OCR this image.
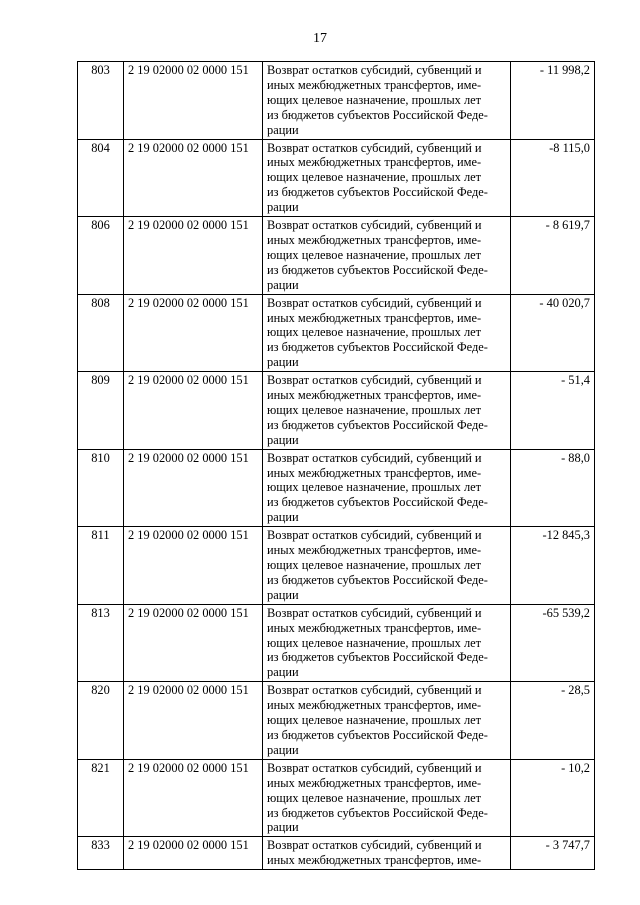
17
803	2 19 02000 02 0000 151	Возврат остатков субсидий, субвенций и
иных межбюджетных трансфертов, име-
ющих целевое назначение, прошлых лет
из бюджетов субъектов Российской Феде-
рации	- 11 998,2
804	2 19 02000 02 0000 151	Возврат остатков субсидий, субвенций и
иных межбюджетных трансфертов, име-
ющих целевое назначение, прошлых лет
из бюджетов субъектов Российской Феде-
рации	-8 115,0
806	2 19 02000 02 0000 151	Возврат остатков субсидий, субвенций и
иных межбюджетных трансфертов, име-
ющих целевое назначение, прошлых лет
из бюджетов субъектов Российской Феде-
рации	- 8 619,7
808	2 19 02000 02 0000 151	Возврат остатков субсидий, субвенций и
иных межбюджетных трансфертов, име-
ющих целевое назначение, прошлых лет
из бюджетов субъектов Российской Феде-
рации	- 40 020,7
809	2 19 02000 02 0000 151	Возврат остатков субсидий, субвенций и
иных межбюджетных трансфертов, име-
ющих целевое назначение, прошлых лет
из бюджетов субъектов Российской Феде-
рации	- 51,4
810	2 19 02000 02 0000 151	Возврат остатков субсидий, субвенций и
иных межбюджетных трансфертов, име-
ющих целевое назначение, прошлых лет
из бюджетов субъектов Российской Феде-
рации	- 88,0
811	2 19 02000 02 0000 151	Возврат остатков субсидий, субвенций и
иных межбюджетных трансфертов, име-
ющих целевое назначение, прошлых лет
из бюджетов субъектов Российской Феде-
рации	-12 845,3
813	2 19 02000 02 0000 151	Возврат остатков субсидий, субвенций и
иных межбюджетных трансфертов, име-
ющих целевое назначение, прошлых лет
из бюджетов субъектов Российской Феде-
рации	-65 539,2
820	2 19 02000 02 0000 151	Возврат остатков субсидий, субвенций и
иных межбюджетных трансфертов, име-
ющих целевое назначение, прошлых лет
из бюджетов субъектов Российской Феде-
рации	- 28,5
821	2 19 02000 02 0000 151	Возврат остатков субсидий, субвенций и
иных межбюджетных трансфертов, име-
ющих целевое назначение, прошлых лет
из бюджетов субъектов Российской Феде-
рации	- 10,2
833	2 19 02000 02 0000 151	Возврат остатков субсидий, субвенций и
иных межбюджетных трансфертов, име-	- 3 747,7
